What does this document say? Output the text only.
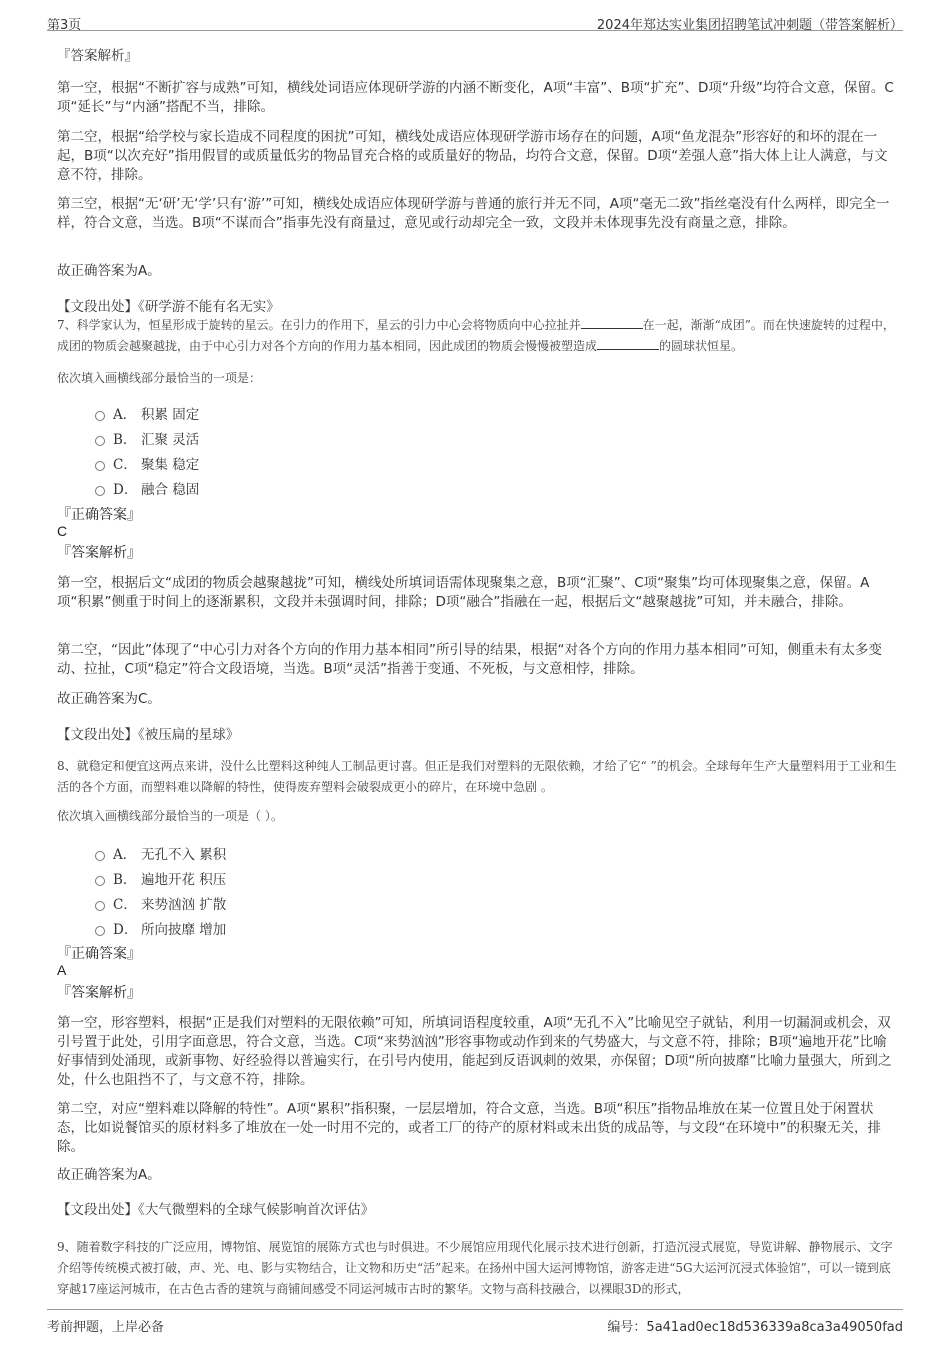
第3页	2024年郑达实业集团招聘笔试冲刺题（带答案解析）
『答案解析』
第一空，根据“不断扩容与成熟”可知，横线处词语应体现研学游的内涵不断变化，A项“丰富”、B项“扩充”、D项“升级”均符合文意，保留。C项“延长”与“内涵”搭配不当，排除。
第二空，根据“给学校与家长造成不同程度的困扰”可知，横线处成语应体现研学游市场存在的问题，A项“鱼龙混杂”形容好的和坏的混在一起，B项“以次充好”指用假冒的或质量低劣的物品冒充合格的或质量好的物品，均符合文意，保留。D项“差强人意”指大体上让人满意，与文意不符，排除。
第三空，根据“无‘研’无‘学’只有‘游’”可知，横线处成语应体现研学游与普通的旅行并无不同，A项“毫无二致”指丝毫没有什么两样，即完全一样，符合文意，当选。B项“不谋而合”指事先没有商量过，意见或行动却完全一致，文段并未体现事先没有商量之意，排除。
故正确答案为A。
【文段出处】《研学游不能有名无实》
7、科学家认为，恒星形成于旋转的星云。在引力的作用下，星云的引力中心会将物质向中心拉扯并	在一起，渐渐“成团”。而在快速旋转的过程中，成团的物质会越聚越拢，由于中心引力对各个方向的作用力基本相同，因此成团的物质会慢慢被塑造成	的圆球状恒星。
依次填入画横线部分最恰当的一项是：
A． 积累 固定
B． 汇聚 灵活
C． 聚集 稳定
D． 融合 稳固
『正确答案』
C
『答案解析』
第一空，根据后文“成团的物质会越聚越拢”可知，横线处所填词语需体现聚集之意，B项“汇聚”、C项“聚集”均可体现聚集之意，保留。A项“积累”侧重于时间上的逐渐累积，文段并未强调时间，排除；D项“融合”指融在一起，根据后文“越聚越拢”可知，并未融合，排除。
第二空，“因此”体现了“中心引力对各个方向的作用力基本相同”所引导的结果，根据“对各个方向的作用力基本相同”可知，侧重未有太多变动、拉扯，C项“稳定”符合文段语境，当选。B项“灵活”指善于变通、不死板，与文意相悖，排除。
故正确答案为C。
【文段出处】《被压扁的星球》
8、就稳定和便宜这两点来讲，没什么比塑料这种纯人工制品更讨喜。但正是我们对塑料的无限依赖，才给了它“ ”的机会。全球每年生产大量塑料用于工业和生活的各个方面，而塑料难以降解的特性，使得废弃塑料会破裂成更小的碎片，在环境中急剧 。
依次填入画横线部分最恰当的一项是（ ）。
A． 无孔不入 累积
B． 遍地开花 积压
C． 来势汹汹 扩散
D． 所向披靡 增加
『正确答案』
A
『答案解析』
第一空，形容塑料，根据“正是我们对塑料的无限依赖”可知，所填词语程度较重，A项“无孔不入”比喻见空子就钻，利用一切漏洞或机会，双引号置于此处，引用字面意思，符合文意，当选。C项“来势汹汹”形容事物或动作到来的气势盛大，与文意不符，排除；B项“遍地开花”比喻好事情到处涌现，或新事物、好经验得以普遍实行，在引号内使用，能起到反语讽刺的效果，亦保留；D项“所向披靡”比喻力量强大，所到之处，什么也阻挡不了，与文意不符，排除。
第二空，对应“塑料难以降解的特性”。A项“累积”指积聚，一层层增加，符合文意，当选。B项“积压”指物品堆放在某一位置且处于闲置状态，比如说餐馆买的原材料多了堆放在一处一时用不完的，或者工厂的待产的原材料或未出货的成品等，与文段“在环境中”的积聚无关，排除。
故正确答案为A。
【文段出处】《大气微塑料的全球气候影响首次评估》
9、随着数字科技的广泛应用，博物馆、展览馆的展陈方式也与时俱进。不少展馆应用现代化展示技术进行创新，打造沉浸式展览，导览讲解、静物展示、文字介绍等传统模式被打破，声、光、电、影与实物结合，让文物和历史“活”起来。在扬州中国大运河博物馆，游客走进“5G大运河沉浸式体验馆”，可以一镜到底穿越17座运河城市，在古色古香的建筑与商铺间感受不同运河城市古时的繁华。文物与高科技融合，以裸眼3D的形式，
考前押题，上岸必备	编号：5a41ad0ec18d536339a8ca3a49050fad
